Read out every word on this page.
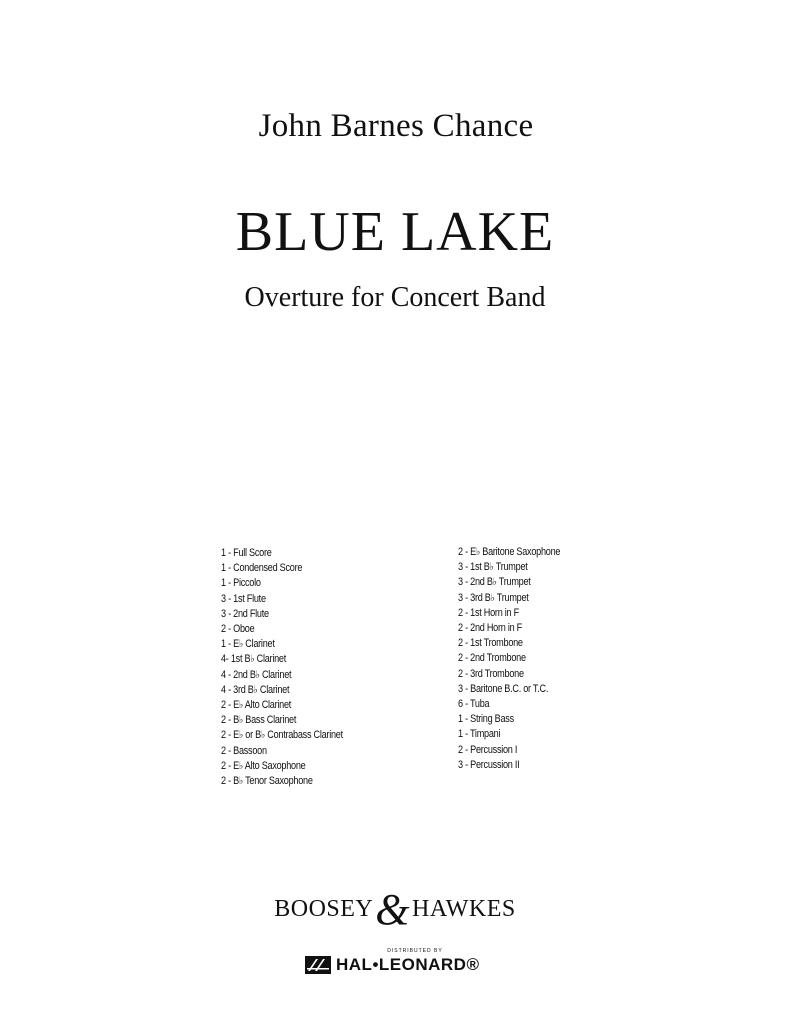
John Barnes Chance
BLUE LAKE
Overture for Concert Band
1 - Full Score
1 - Condensed Score
1 - Piccolo
3 - 1st Flute
3 - 2nd Flute
2 - Oboe
1 - E♭ Clarinet
4- 1st B♭ Clarinet
4 - 2nd B♭ Clarinet
4 - 3rd B♭ Clarinet
2 - E♭ Alto Clarinet
2 - B♭ Bass Clarinet
2 - E♭ or B♭ Contrabass Clarinet
2 - Bassoon
2 - E♭ Alto Saxophone
2 - B♭ Tenor Saxophone
2 - E♭ Baritone Saxophone
3 - 1st B♭ Trumpet
3 - 2nd B♭ Trumpet
3 - 3rd B♭ Trumpet
2 - 1st Horn in F
2 - 2nd Horn in F
2 - 1st Trombone
2 - 2nd Trombone
2 - 3rd Trombone
3 - Baritone B.C. or T.C.
6 - Tuba
1 - String Bass
1 - Timpani
2 - Percussion I
3 - Percussion II
BOOSEY&HAWKES
DISTRIBUTED BY
HAL•LEONARD®
